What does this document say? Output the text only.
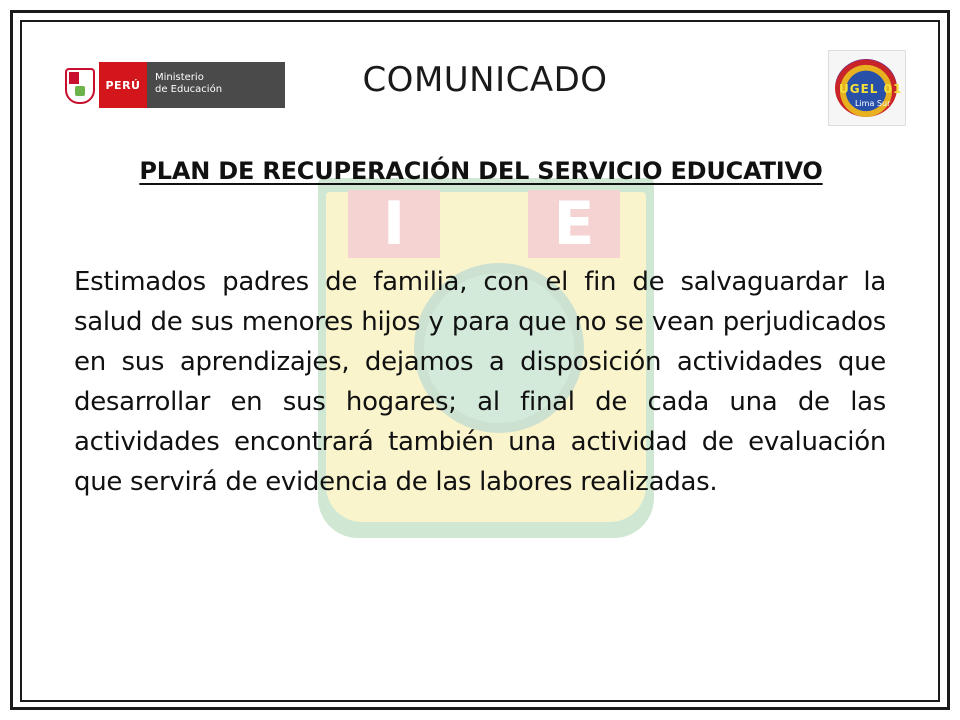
I	E
PERÚ
Ministerio
de Educación	COMUNICADO	UGEL 01
Lima Sur
PLAN DE RECUPERACIÓN DEL SERVICIO EDUCATIVO
Estimados padres de familia, con el fin de salvaguardar la salud de sus menores hijos y para que no se vean perjudicados en sus aprendizajes, dejamos a disposición actividades que desarrollar en sus hogares; al final de cada una de las actividades encontrará también una actividad de evaluación que servirá de evidencia de las labores realizadas.
